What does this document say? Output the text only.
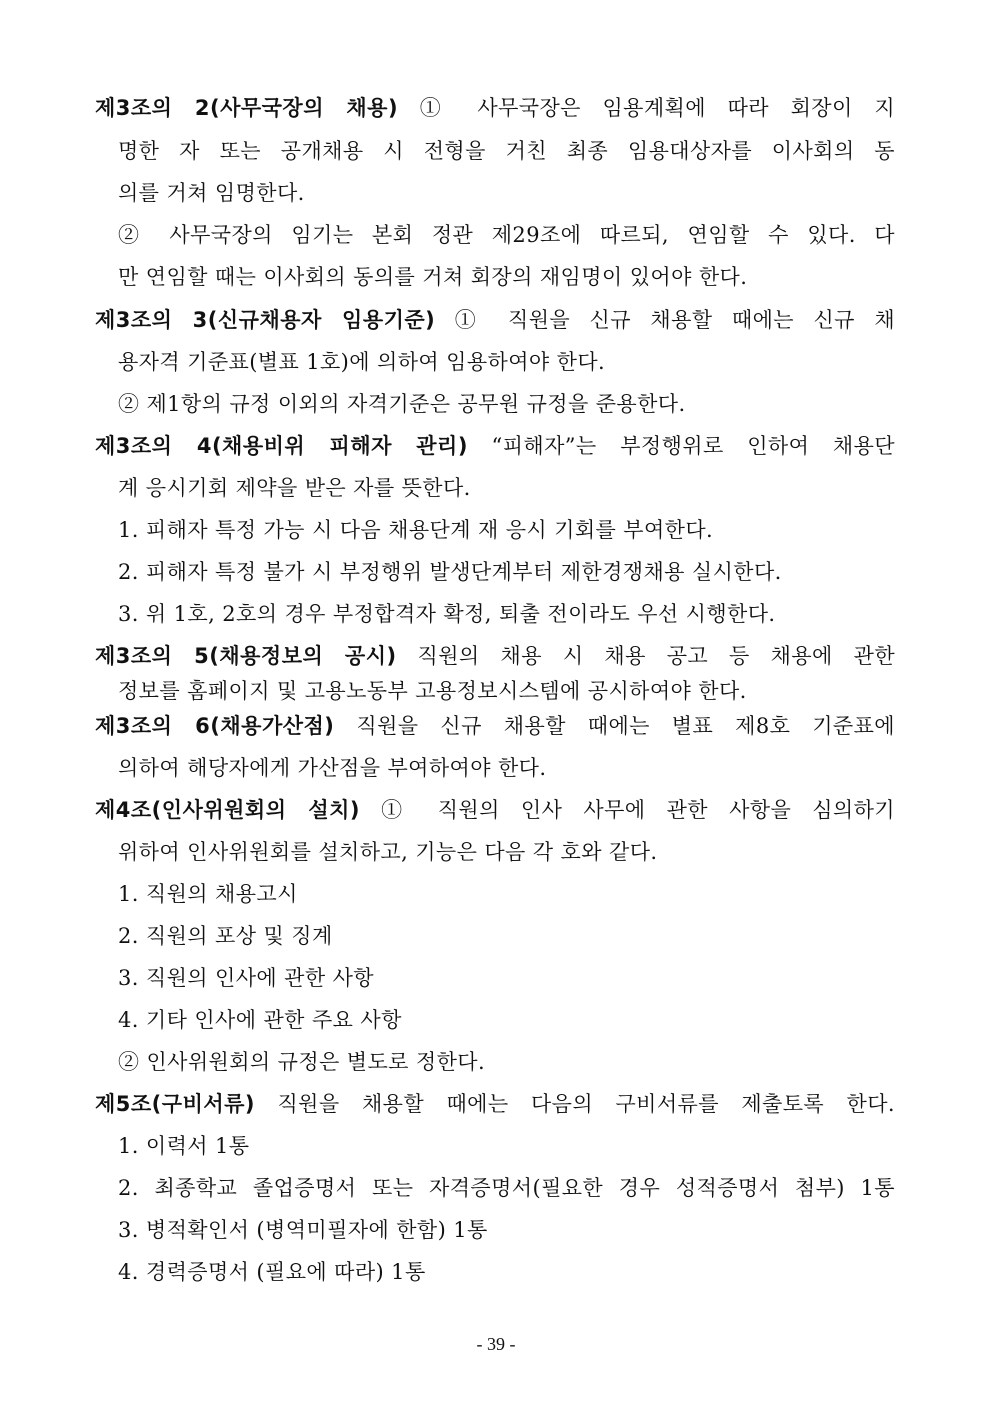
제3조의 2(사무국장의 채용) ① 사무국장은 임용계획에 따라 회장이 지
명한 자 또는 공개채용 시 전형을 거친 최종 임용대상자를 이사회의 동
의를 거쳐 임명한다.
② 사무국장의 임기는 본회 정관 제29조에 따르되, 연임할 수 있다. 다
만 연임할 때는 이사회의 동의를 거쳐 회장의 재임명이 있어야 한다.
제3조의 3(신규채용자 임용기준) ① 직원을 신규 채용할 때에는 신규 채
용자격 기준표(별표 1호)에 의하여 임용하여야 한다.
② 제1항의 규정 이외의 자격기준은 공무원 규정을 준용한다.
제3조의 4(채용비위 피해자 관리) “피해자”는 부정행위로 인하여 채용단
계 응시기회 제약을 받은 자를 뜻한다.
1. 피해자 특정 가능 시 다음 채용단계 재 응시 기회를 부여한다.
2. 피해자 특정 불가 시 부정행위 발생단계부터 제한경쟁채용 실시한다.
3. 위 1호, 2호의 경우 부정합격자 확정, 퇴출 전이라도 우선 시행한다.
제3조의 5(채용정보의 공시) 직원의 채용 시 채용 공고 등 채용에 관한
정보를 홈페이지 및 고용노동부 고용정보시스템에 공시하여야 한다.
제3조의 6(채용가산점) 직원을 신규 채용할 때에는 별표 제8호 기준표에
의하여 해당자에게 가산점을 부여하여야 한다.
제4조(인사위원회의 설치) ① 직원의 인사 사무에 관한 사항을 심의하기
위하여 인사위원회를 설치하고, 기능은 다음 각 호와 같다.
1. 직원의 채용고시
2. 직원의 포상 및 징계
3. 직원의 인사에 관한 사항
4. 기타 인사에 관한 주요 사항
② 인사위원회의 규정은 별도로 정한다.
제5조(구비서류) 직원을 채용할 때에는 다음의 구비서류를 제출토록 한다.
1. 이력서 1통
2. 최종학교 졸업증명서 또는 자격증명서(필요한 경우 성적증명서 첨부) 1통
3. 병적확인서 (병역미필자에 한함) 1통
4. 경력증명서 (필요에 따라) 1통
- 39 -
